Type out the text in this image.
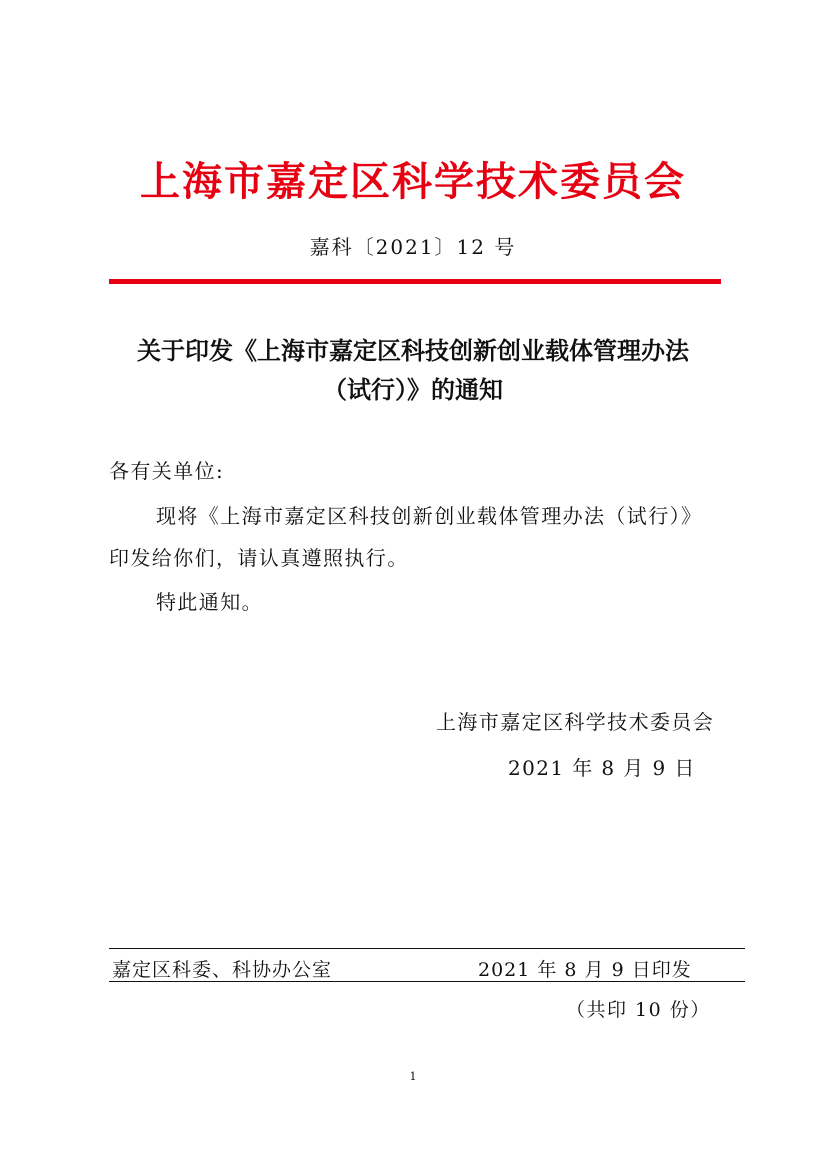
上海市嘉定区科学技术委员会
嘉科〔2021〕12 号
关于印发《上海市嘉定区科技创新创业载体管理办法
（试行）》的通知
各有关单位:
现将《上海市嘉定区科技创新创业载体管理办法（试行）》
印发给你们，请认真遵照执行。
特此通知。
上海市嘉定区科学技术委员会
2021 年 8 月 9 日
嘉定区科委、科协办公室	2021 年 8 月 9 日印发
（共印 10 份）
1
